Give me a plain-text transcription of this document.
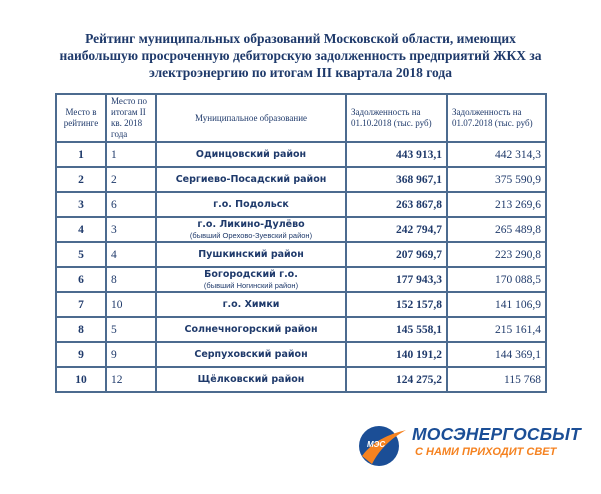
Рейтинг муниципальных образований Московской области, имеющих
наибольшую просроченную дебиторскую задолженность предприятий ЖКХ за
электроэнергию по итогам III квартала 2018 года
Место в рейтинге	Место по итогам II кв. 2018 года	Муниципальное образование	Задолженность на 01.10.2018 (тыс. руб)	Задолженность на 01.07.2018 (тыс. руб)
1	1	Одинцовский район	443 913,1	442 314,3
2	2	Сергиево-Посадский район	368 967,1	375 590,9
3	6	г.о. Подольск	263 867,8	213 269,6
4	3	г.о. Ликино-Дулёво
(бывший Орехово-Зуевский район)	242 794,7	265 489,8
5	4	Пушкинский район	207 969,7	223 290,8
6	8	Богородский г.о.
(бывший Ногинский район)	177 943,3	170 088,5
7	10	г.о. Химки	152 157,8	141 106,9
8	5	Солнечногорский район	145 558,1	215 161,4
9	9	Серпуховский район	140 191,2	144 369,1
10	12	Щёлковский район	124 275,2	115 768
МЭС
МОСЭНЕРГОСБЫТ
С НАМИ ПРИХОДИТ СВЕТ
